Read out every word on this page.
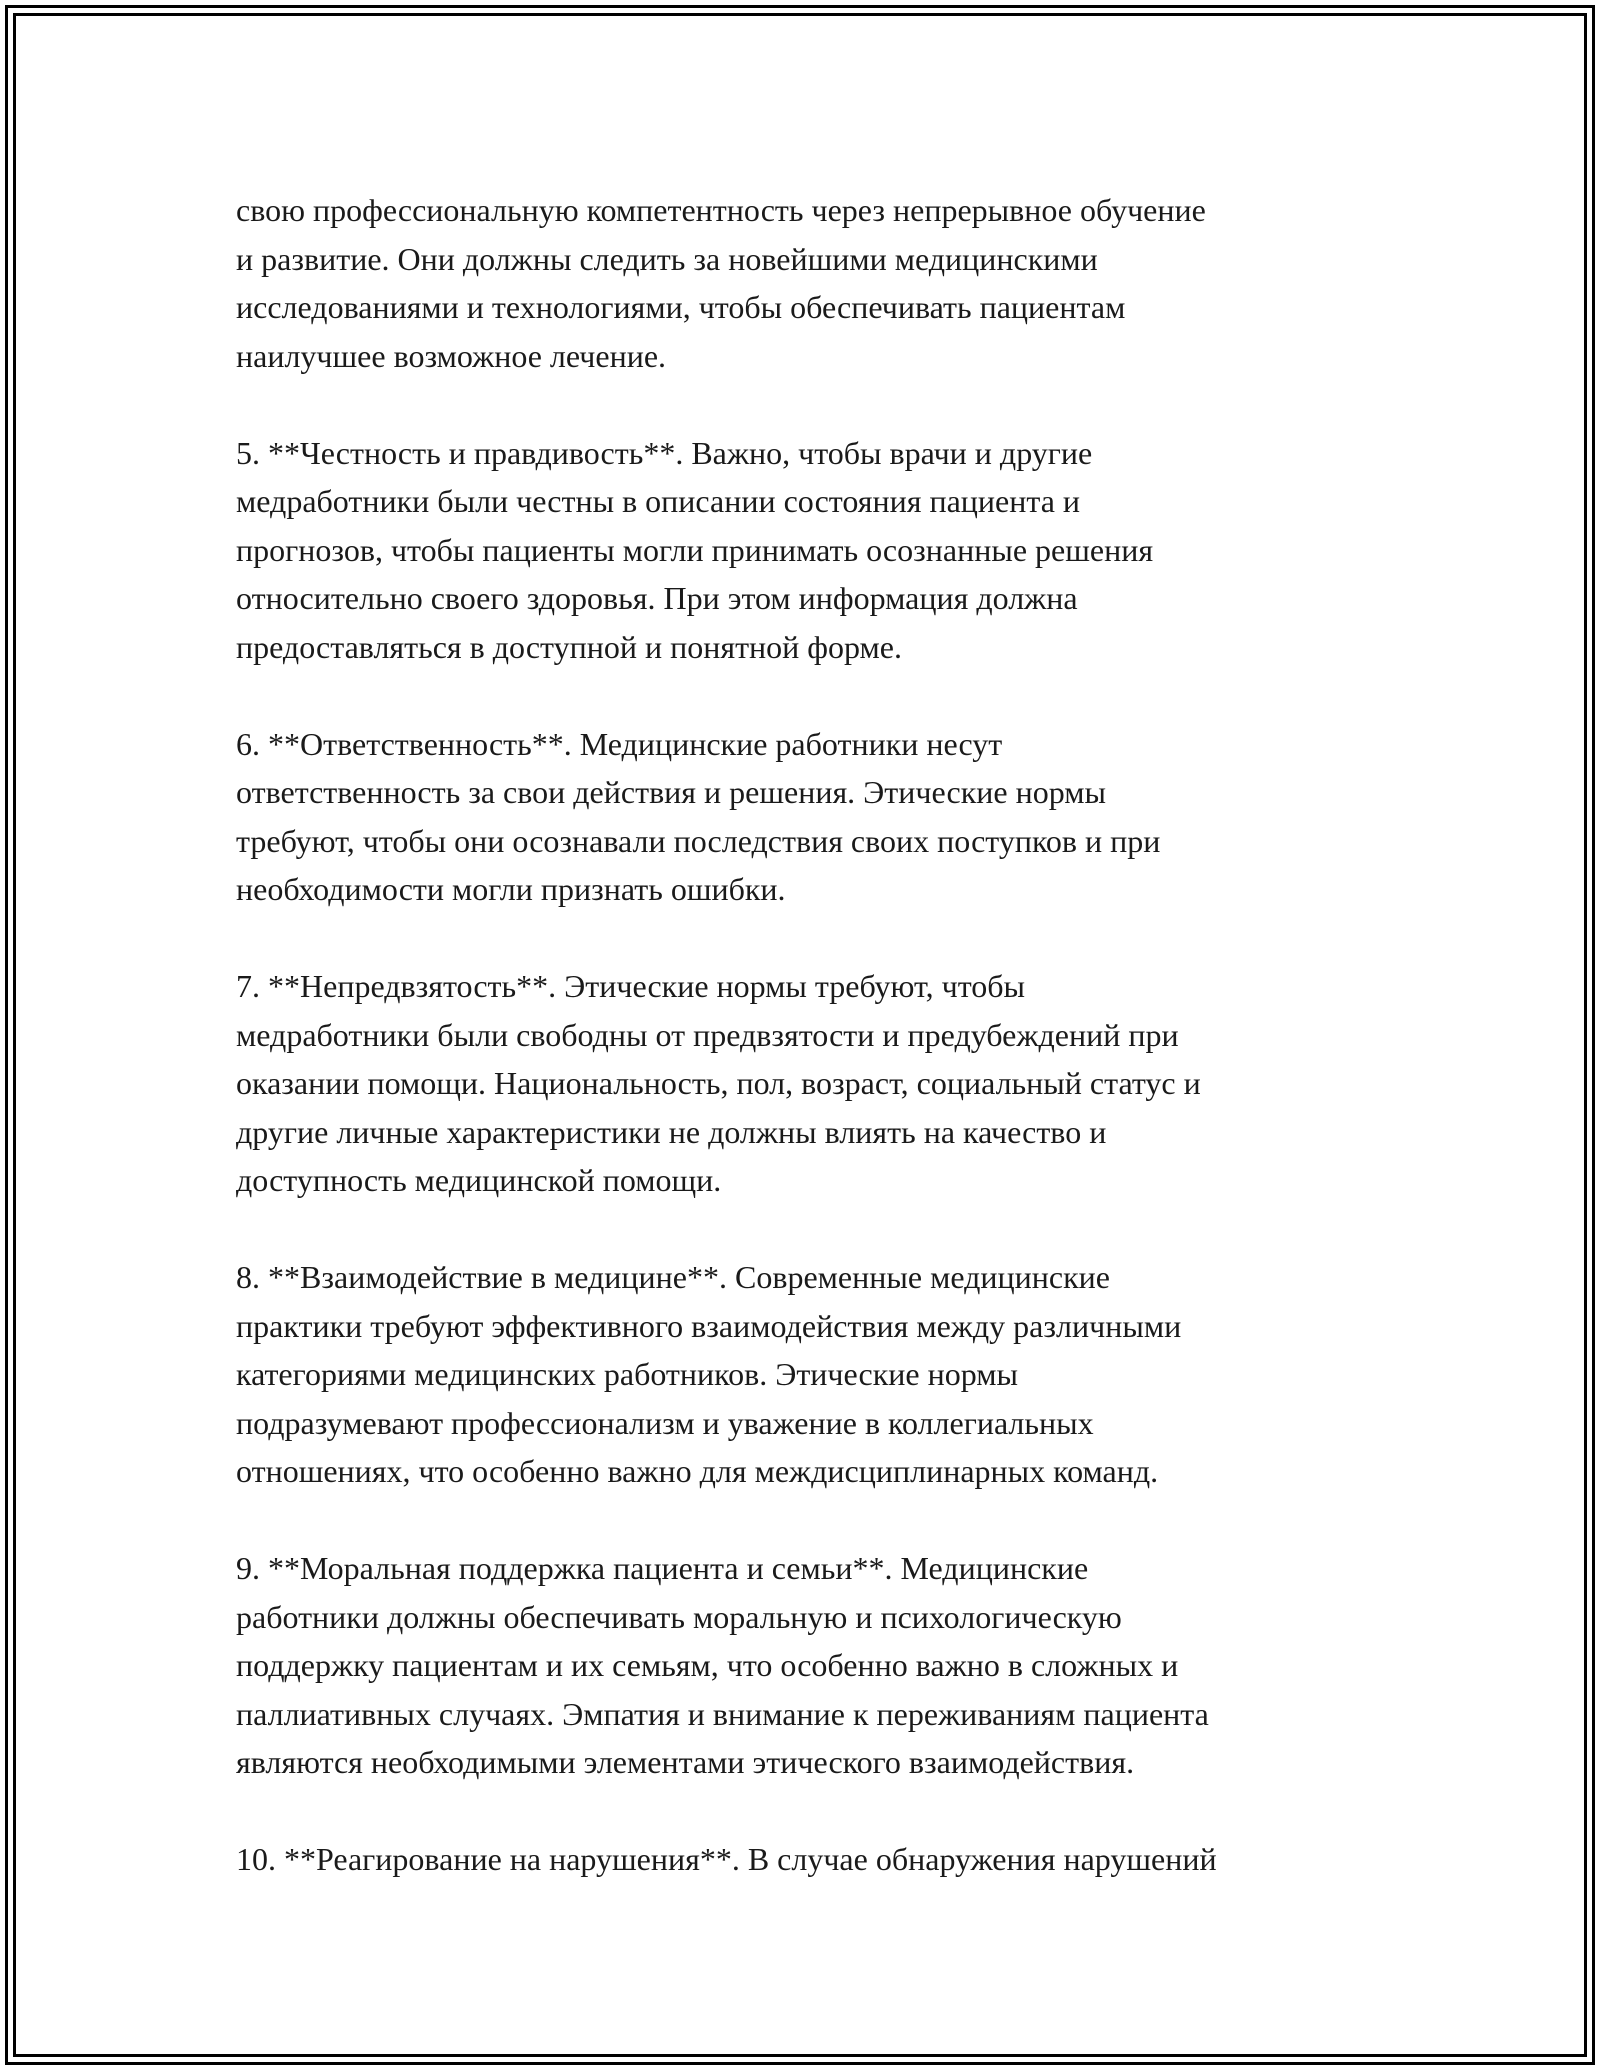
свою профессиональную компетентность через непрерывное обучение
и развитие. Они должны следить за новейшими медицинскими
исследованиями и технологиями, чтобы обеспечивать пациентам
наилучшее возможное лечение.

5. **Честность и правдивость**. Важно, чтобы врачи и другие
медработники были честны в описании состояния пациента и
прогнозов, чтобы пациенты могли принимать осознанные решения
относительно своего здоровья. При этом информация должна
предоставляться в доступной и понятной форме.

6. **Ответственность**. Медицинские работники несут
ответственность за свои действия и решения. Этические нормы
требуют, чтобы они осознавали последствия своих поступков и при
необходимости могли признать ошибки.

7. **Непредвзятость**. Этические нормы требуют, чтобы
медработники были свободны от предвзятости и предубеждений при
оказании помощи. Национальность, пол, возраст, социальный статус и
другие личные характеристики не должны влиять на качество и
доступность медицинской помощи.

8. **Взаимодействие в медицине**. Современные медицинские
практики требуют эффективного взаимодействия между различными
категориями медицинских работников. Этические нормы
подразумевают профессионализм и уважение в коллегиальных
отношениях, что особенно важно для междисциплинарных команд.

9. **Моральная поддержка пациента и семьи**. Медицинские
работники должны обеспечивать моральную и психологическую
поддержку пациентам и их семьям, что особенно важно в сложных и
паллиативных случаях. Эмпатия и внимание к переживаниям пациента
являются необходимыми элементами этического взаимодействия.

10. **Реагирование на нарушения**. В случае обнаружения нарушений
